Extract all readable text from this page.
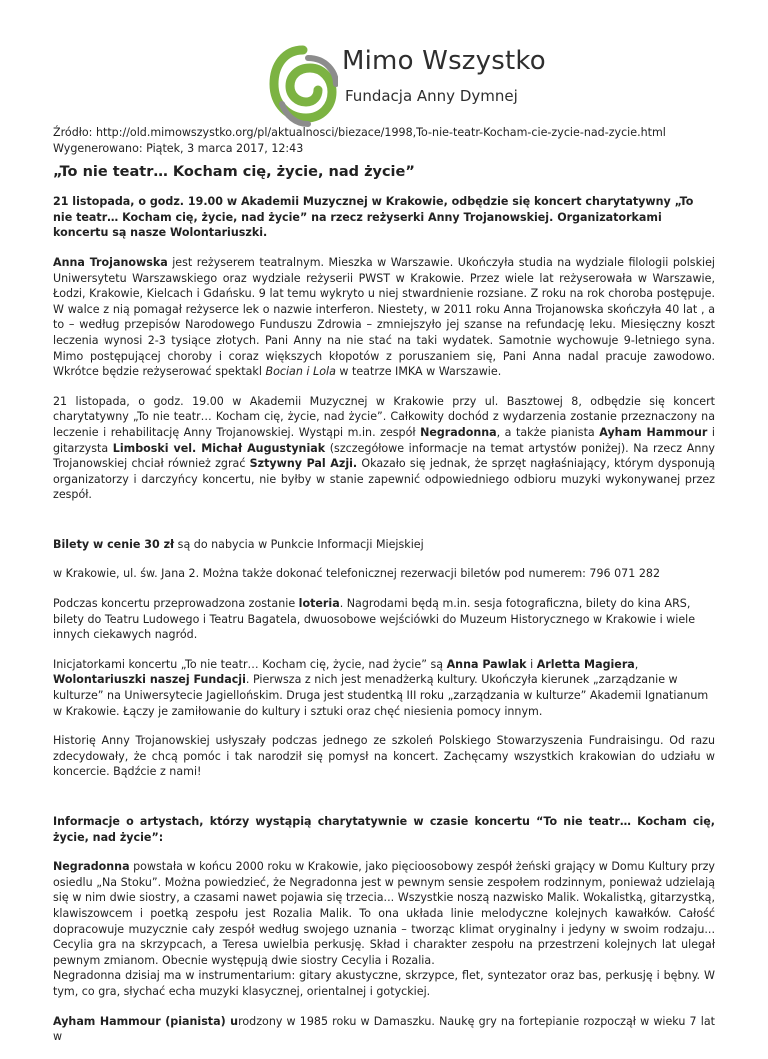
Mimo Wszystko
Fundacja Anny Dymnej
Źródło: http://old.mimowszystko.org/pl/aktualnosci/biezace/1998,To-nie-teatr-Kocham-cie-zycie-nad-zycie.html
Wygenerowano: Piątek, 3 marca 2017, 12:43
„To nie teatr… Kocham cię, życie, nad życie”

21 listopada, o godz. 19.00 w Akademii Muzycznej w Krakowie, odbędzie się koncert charytatywny „To nie teatr… Kocham cię, życie, nad życie” na rzecz reżyserki Anny Trojanowskiej. Organizatorkami koncertu są nasze Wolontariuszki.

Anna Trojanowska jest reżyserem teatralnym. Mieszka w Warszawie. Ukończyła studia na wydziale filologii polskiej Uniwersytetu Warszawskiego oraz wydziale reżyserii PWST w Krakowie. Przez wiele lat reżyserowała w Warszawie, Łodzi, Krakowie, Kielcach i Gdańsku. 9 lat temu wykryto u niej stwardnienie rozsiane. Z roku na rok choroba postępuje. W walce z nią pomagał reżyserce lek o nazwie interferon. Niestety, w 2011 roku Anna Trojanowska skończyła 40 lat , a to – według przepisów Narodowego Funduszu Zdrowia – zmniejszyło jej szanse na refundację leku. Miesięczny koszt leczenia wynosi 2-3 tysiące złotych. Pani Anny na nie stać na taki wydatek. Samotnie wychowuje 9-letniego syna. Mimo postępującej choroby i coraz większych kłopotów z poruszaniem się, Pani Anna nadal pracuje zawodowo. Wkrótce będzie reżyserować spektakl Bocian i Lola w teatrze IMKA w Warszawie.

21 listopada, o godz. 19.00 w Akademii Muzycznej w Krakowie przy ul. Basztowej 8, odbędzie się koncert charytatywny „To nie teatr… Kocham cię, życie, nad życie”. Całkowity dochód z wydarzenia zostanie przeznaczony na leczenie i rehabilitację Anny Trojanowskiej. Wystąpi m.in. zespół Negradonna, a także pianista Ayham Hammour i gitarzysta Limboski vel. Michał Augustyniak (szczegółowe informacje na temat artystów poniżej). Na rzecz Anny Trojanowskiej chciał również zgrać Sztywny Pal Azji. Okazało się jednak, że sprzęt nagłaśniający, którym dysponują organizatorzy i darczyńcy koncertu, nie byłby w stanie zapewnić odpowiedniego odbioru muzyki wykonywanej przez zespół.

Bilety w cenie 30 zł są do nabycia w Punkcie Informacji Miejskiej

w Krakowie, ul. św. Jana 2. Można także dokonać telefonicznej rezerwacji biletów pod numerem: 796 071 282

Podczas koncertu przeprowadzona zostanie loteria. Nagrodami będą m.in. sesja fotograficzna, bilety do kina ARS, bilety do Teatru Ludowego i Teatru Bagatela, dwuosobowe wejściówki do Muzeum Historycznego w Krakowie i wiele innych ciekawych nagród.

Inicjatorkami koncertu „To nie teatr… Kocham cię, życie, nad życie” są Anna Pawlak i Arletta Magiera, Wolontariuszki naszej Fundacji. Pierwsza z nich jest menadżerką kultury. Ukończyła kierunek „zarządzanie w kulturze” na Uniwersytecie Jagiellońskim. Druga jest studentką III roku „zarządzania w kulturze” Akademii Ignatianum w Krakowie. Łączy je zamiłowanie do kultury i sztuki oraz chęć niesienia pomocy innym.

Historię Anny Trojanowskiej usłyszały podczas jednego ze szkoleń Polskiego Stowarzyszenia Fundraisingu. Od razu zdecydowały, że chcą pomóc i tak narodził się pomysł na koncert. Zachęcamy wszystkich krakowian do udziału w koncercie. Bądźcie z nami!

Informacje o artystach, którzy wystąpią charytatywnie w czasie koncertu “To nie teatr… Kocham cię, życie, nad życie”:

Negradonna powstała w końcu 2000 roku w Krakowie, jako pięcioosobowy zespół żeński grający w Domu Kultury przy osiedlu „Na Stoku”. Można powiedzieć, że Negradonna jest w pewnym sensie zespołem rodzinnym, ponieważ udzielają się w nim dwie siostry, a czasami nawet pojawia się trzecia... Wszystkie noszą nazwisko Malik. Wokalistką, gitarzystką, klawiszowcem i poetką zespołu jest Rozalia Malik. To ona układa linie melodyczne kolejnych kawałków. Całość dopracowuje muzycznie cały zespół według swojego uznania – tworząc klimat oryginalny i jedyny w swoim rodzaju... Cecylia gra na skrzypcach, a Teresa uwielbia perkusję. Skład i charakter zespołu na przestrzeni kolejnych lat ulegał pewnym zmianom. Obecnie występują dwie siostry Cecylia i Rozalia.
Negradonna dzisiaj ma w instrumentarium: gitary akustyczne, skrzypce, flet, syntezator oraz bas, perkusję i bębny. W tym, co gra, słychać echa muzyki klasycznej, orientalnej i gotyckiej.

Ayham Hammour (pianista) urodzony w 1985 roku w Damaszku. Naukę gry na fortepianie rozpoczął w wieku 7 lat w
